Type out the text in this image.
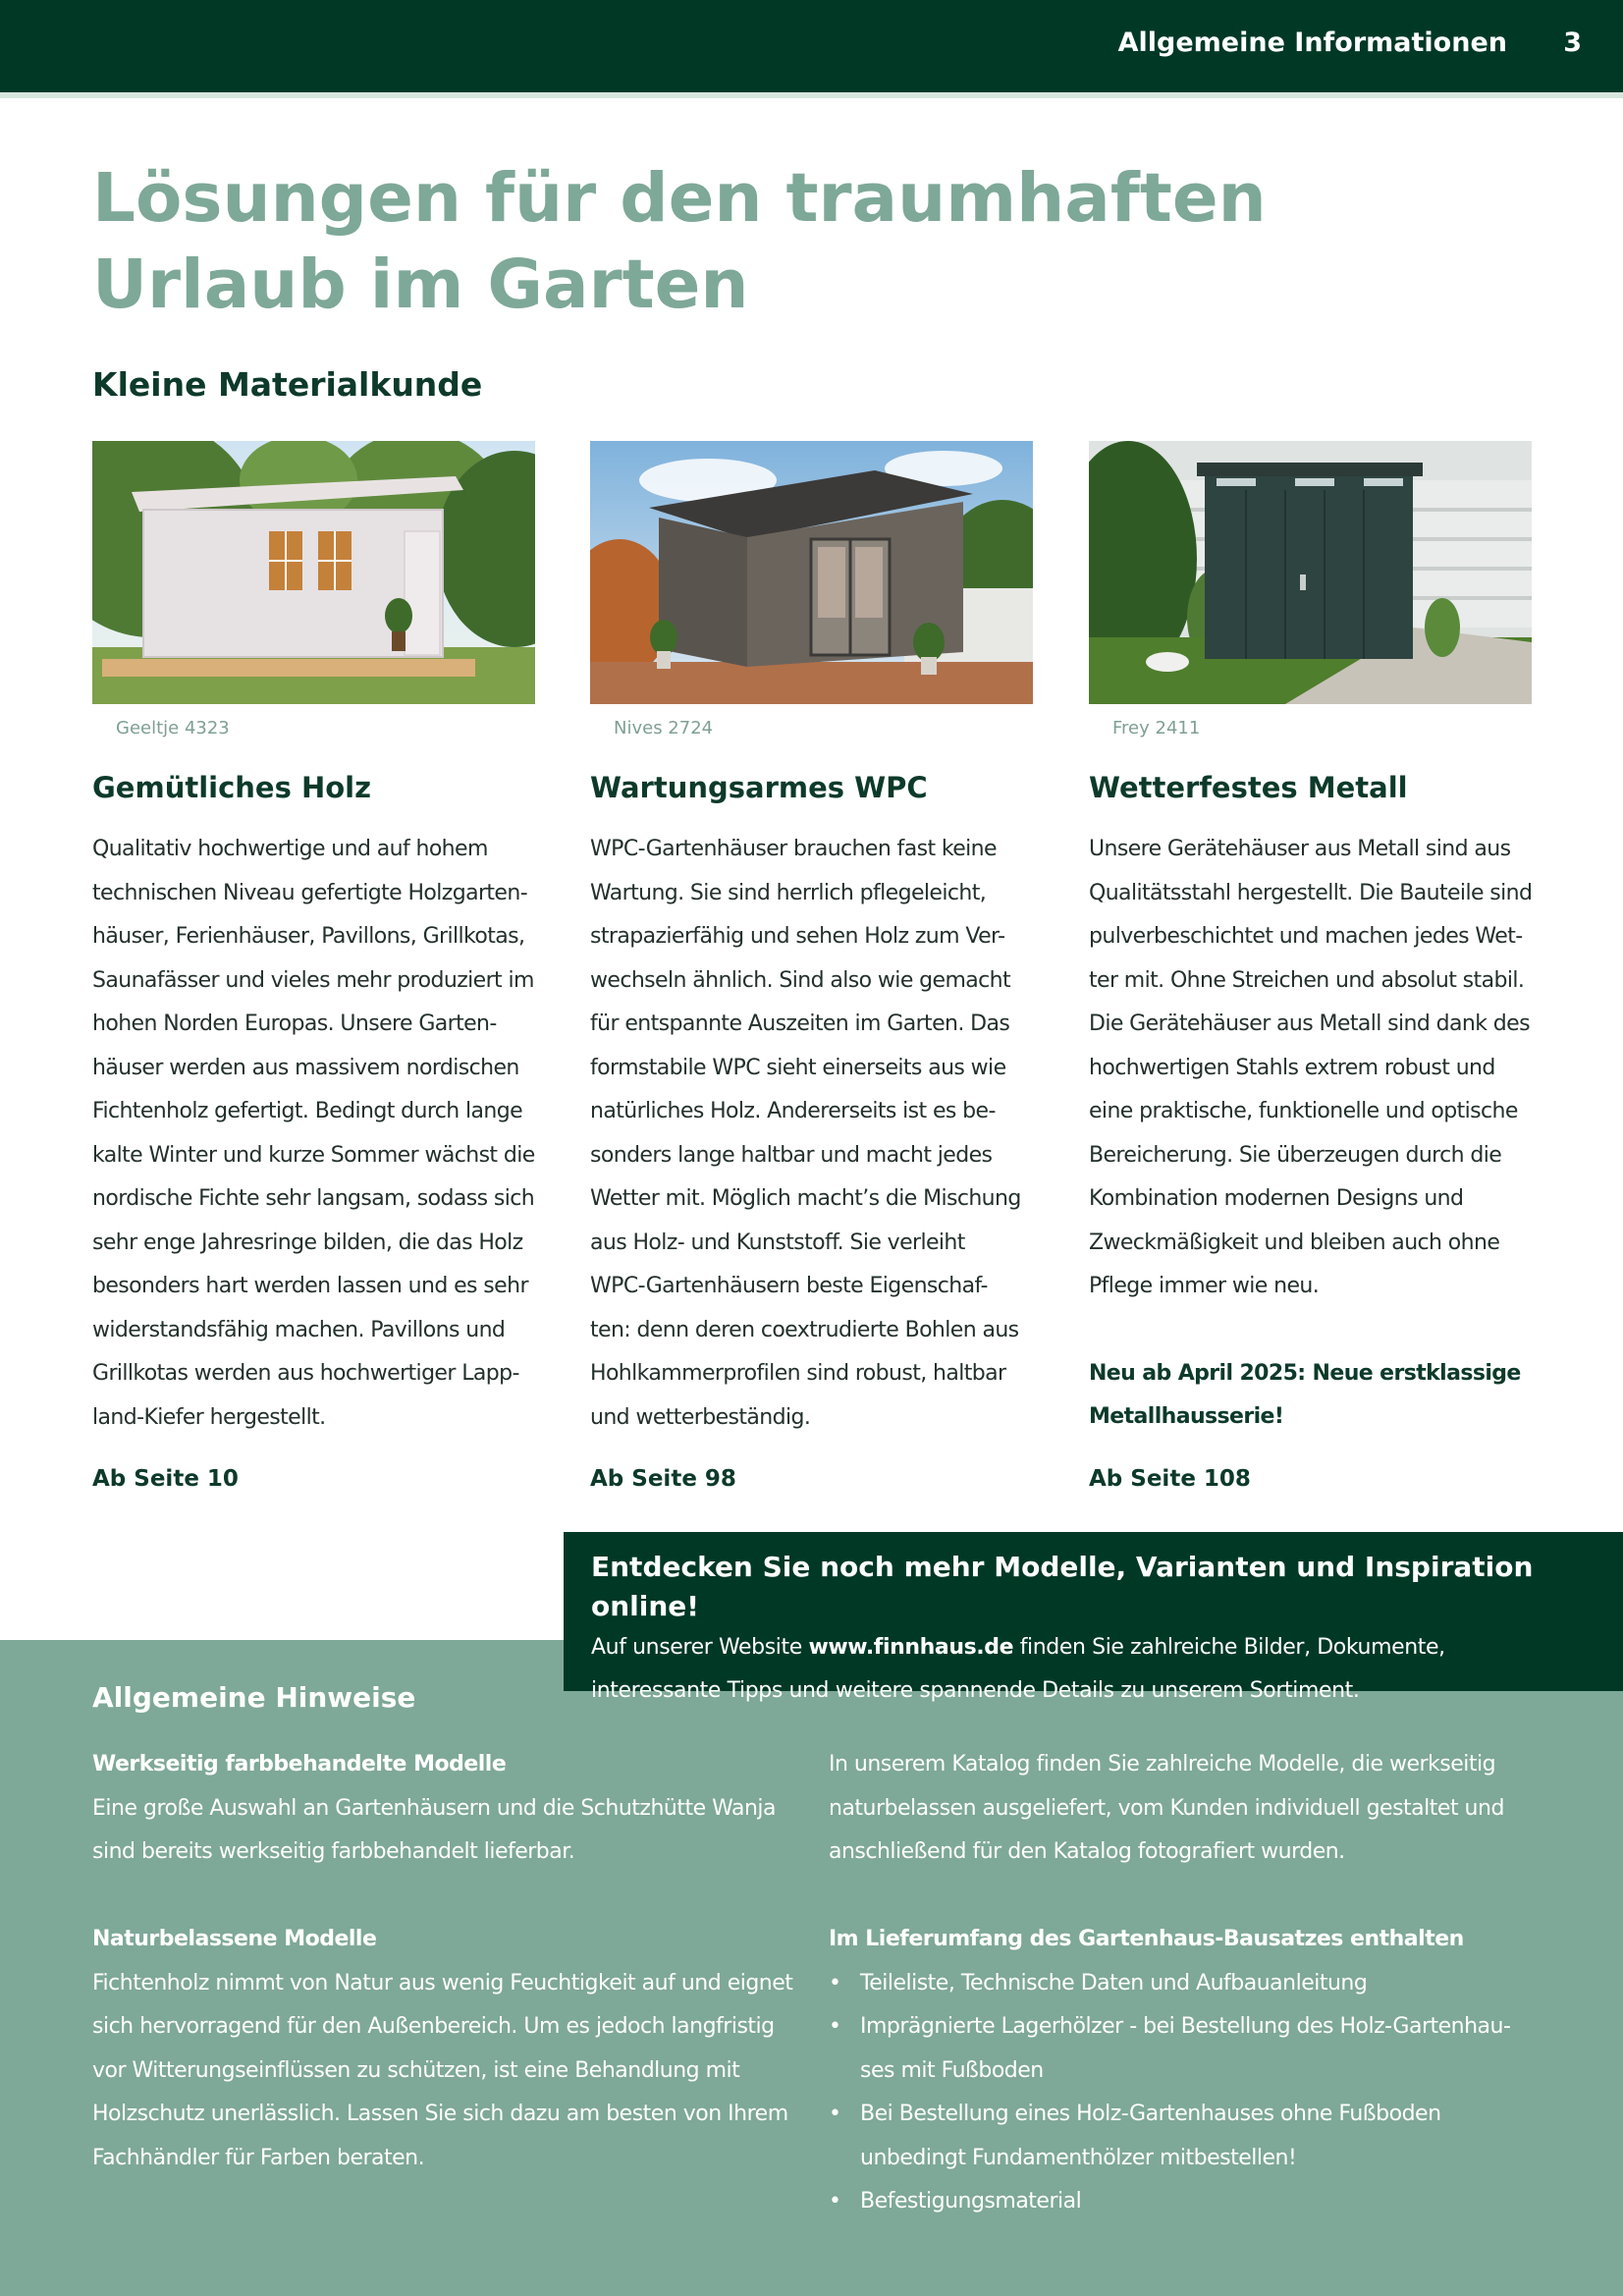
Allgemeine Informationen 3
Lösungen für den traumhaften
Urlaub im Garten
Kleine Materialkunde
Geeltje 4323
Gemütliches Holz
Qualitativ hochwertige und auf hohem
technischen Niveau gefertigte Holzgarten-
häuser, Ferienhäuser, Pavillons, Grillkotas,
Saunafässer und vieles mehr produziert im
hohen Norden Europas. Unsere Garten-
häuser werden aus massivem nordischen
Fichtenholz gefertigt. Bedingt durch lange
kalte Winter und kurze Sommer wächst die
nordische Fichte sehr langsam, sodass sich
sehr enge Jahresringe bilden, die das Holz
besonders hart werden lassen und es sehr
widerstandsfähig machen. Pavillons und
Grillkotas werden aus hochwertiger Lapp-
land-Kiefer hergestellt.
Ab Seite 10
Nives 2724
Wartungsarmes WPC
WPC-Gartenhäuser brauchen fast keine
Wartung. Sie sind herrlich pflegeleicht,
strapazierfähig und sehen Holz zum Ver-
wechseln ähnlich. Sind also wie gemacht
für entspannte Auszeiten im Garten. Das
formstabile WPC sieht einerseits aus wie
natürliches Holz. Andererseits ist es be-
sonders lange haltbar und macht jedes
Wetter mit. Möglich macht’s die Mischung
aus Holz- und Kunststoff. Sie verleiht
WPC-Gartenhäusern beste Eigenschaf-
ten: denn deren coextrudierte Bohlen aus
Hohlkammerprofilen sind robust, haltbar
und wetterbeständig.
Ab Seite 98
Frey 2411
Wetterfestes Metall
Unsere Gerätehäuser aus Metall sind aus
Qualitätsstahl hergestellt. Die Bauteile sind
pulverbeschichtet und machen jedes Wet-
ter mit. Ohne Streichen und absolut stabil.
Die Gerätehäuser aus Metall sind dank des
hochwertigen Stahls extrem robust und
eine praktische, funktionelle und optische
Bereicherung. Sie überzeugen durch die
Kombination modernen Designs und
Zweckmäßigkeit und bleiben auch ohne
Pflege immer wie neu.
Neu ab April 2025: Neue erstklassige
Metallhausserie!
Ab Seite 108
Entdecken Sie noch mehr Modelle, Varianten und Inspiration online!
Auf unserer Website www.finnhaus.de finden Sie zahlreiche Bilder, Dokumente,
interessante Tipps und weitere spannende Details zu unserem Sortiment.
Allgemeine Hinweise
Werkseitig farbbehandelte Modelle
Eine große Auswahl an Gartenhäusern und die Schutzhütte Wanja
sind bereits werkseitig farbbehandelt lieferbar.
Naturbelassene Modelle
Fichtenholz nimmt von Natur aus wenig Feuchtigkeit auf und eignet
sich hervorragend für den Außenbereich. Um es jedoch langfristig
vor Witterungseinflüssen zu schützen, ist eine Behandlung mit
Holzschutz unerlässlich. Lassen Sie sich dazu am besten von Ihrem
Fachhändler für Farben beraten.
In unserem Katalog finden Sie zahlreiche Modelle, die werkseitig
naturbelassen ausgeliefert, vom Kunden individuell gestaltet und
anschließend für den Katalog fotografiert wurden.
Im Lieferumfang des Gartenhaus-Bausatzes enthalten
• Teileliste, Technische Daten und Aufbauanleitung
• Imprägnierte Lagerhölzer - bei Bestellung des Holz-Gartenhau-
ses mit Fußboden
• Bei Bestellung eines Holz-Gartenhauses ohne Fußboden
unbedingt Fundamenthölzer mitbestellen!
• Befestigungsmaterial
